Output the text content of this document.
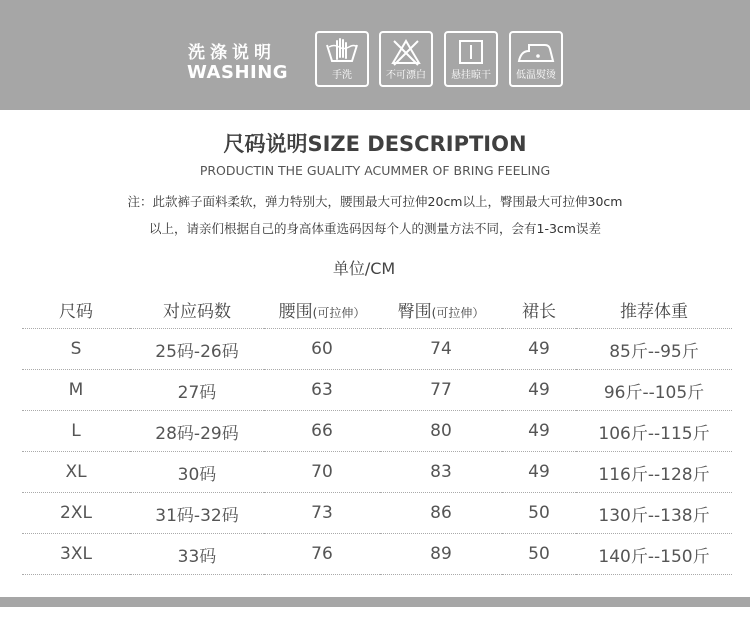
洗涤说明
WASHING	手洗	不可漂白	悬挂晾干	低温熨烫
尺码说明SIZE DESCRIPTION
PRODUCTIN THE GUALITY ACUMMER OF BRING FEELING
注：此款裤子面料柔软，弹力特别大，腰围最大可拉伸20cm以上，臀围最大可拉伸30cm
以上，请亲们根据自己的身高体重选码因每个人的测量方法不同，会有1-3cm误差
单位/CM
尺码	对应码数	腰围(可拉伸）	臀围(可拉伸）	裙长	推荐体重
S	25码-26码	60	74	49	85斤--95斤
M	27码	63	77	49	96斤--105斤
L	28码-29码	66	80	49	106斤--115斤
XL	30码	70	83	49	116斤--128斤
2XL	31码-32码	73	86	50	130斤--138斤
3XL	33码	76	89	50	140斤--150斤
